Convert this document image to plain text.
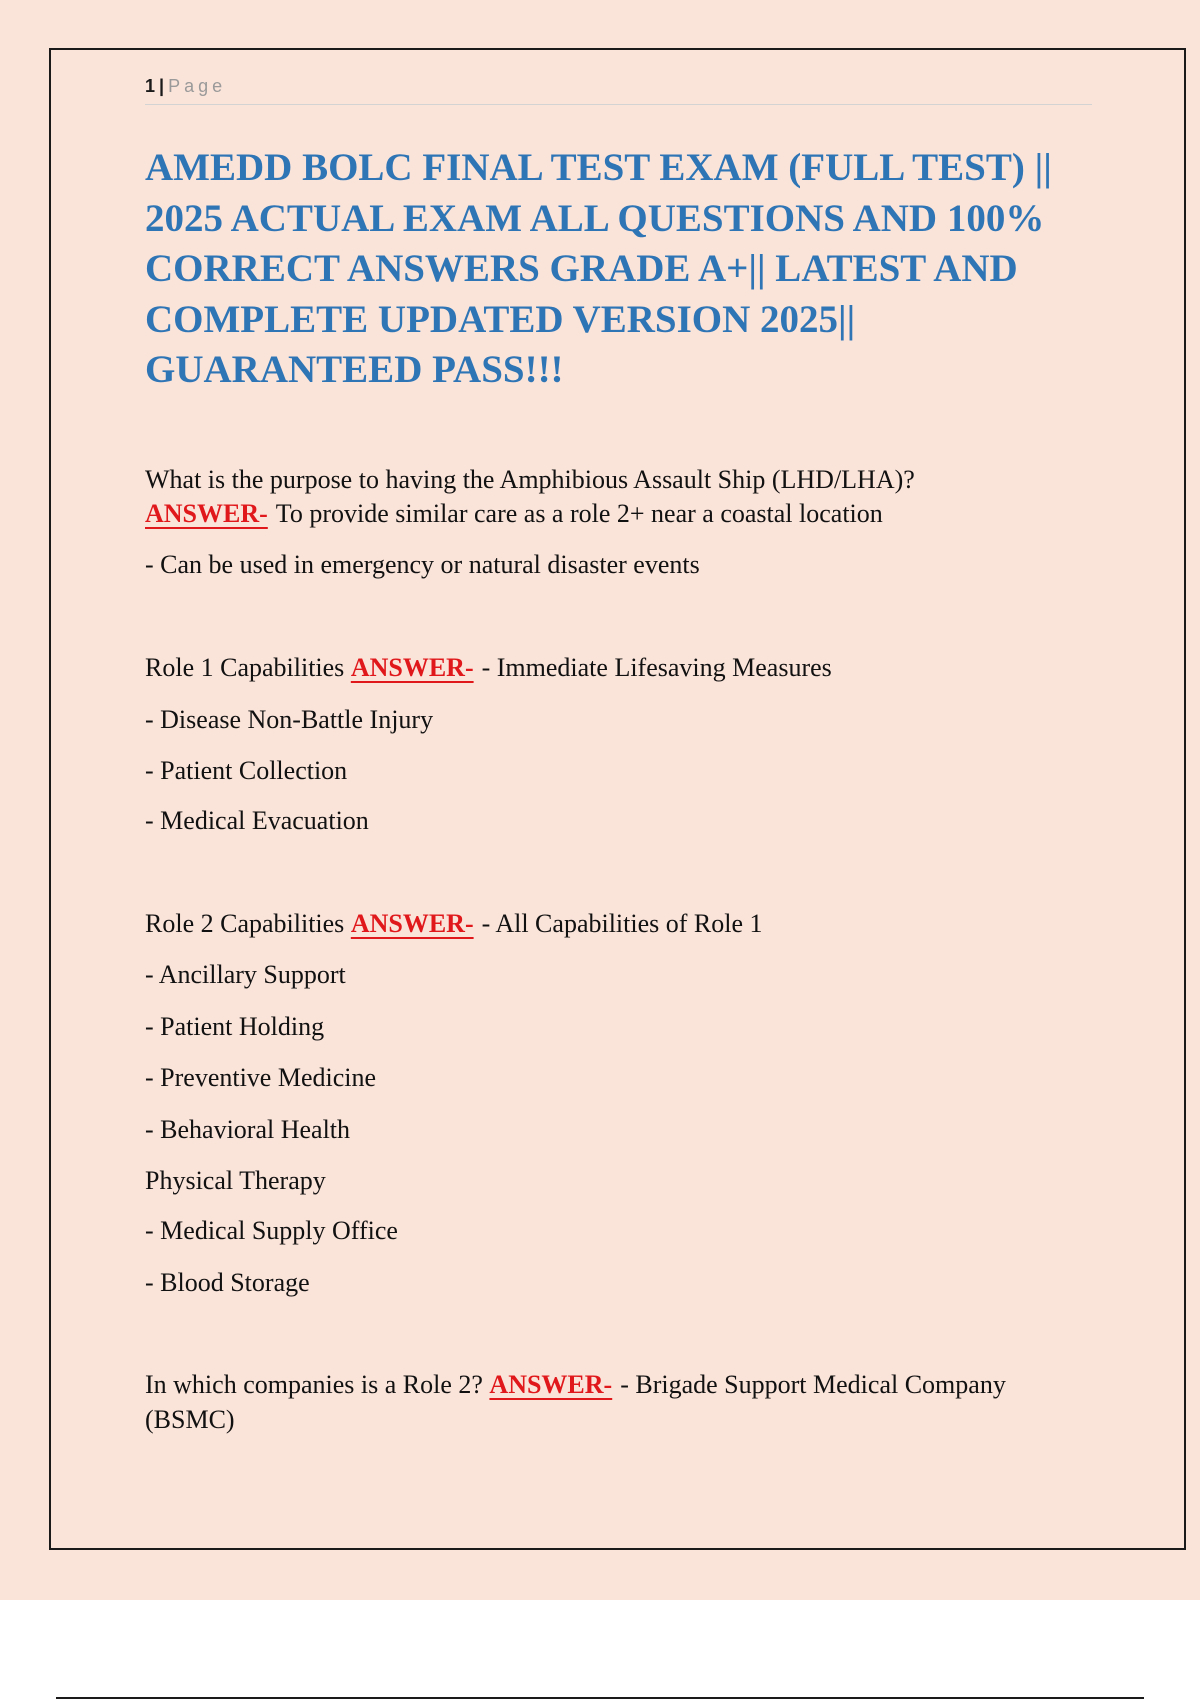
1 | Page
AMEDD BOLC FINAL TEST EXAM (FULL TEST) || 2025 ACTUAL EXAM ALL QUESTIONS AND 100% CORRECT ANSWERS GRADE A+|| LATEST AND COMPLETE UPDATED VERSION 2025|| GUARANTEED PASS!!!
What is the purpose to having the Amphibious Assault Ship (LHD/LHA)?
ANSWER- To provide similar care as a role 2+ near a coastal location
- Can be used in emergency or natural disaster events
Role 1 Capabilities ANSWER- - Immediate Lifesaving Measures
- Disease Non-Battle Injury
- Patient Collection
- Medical Evacuation
Role 2 Capabilities ANSWER- - All Capabilities of Role 1
- Ancillary Support
- Patient Holding
- Preventive Medicine
- Behavioral Health
Physical Therapy
- Medical Supply Office
- Blood Storage
In which companies is a Role 2? ANSWER- - Brigade Support Medical Company
(BSMC)
